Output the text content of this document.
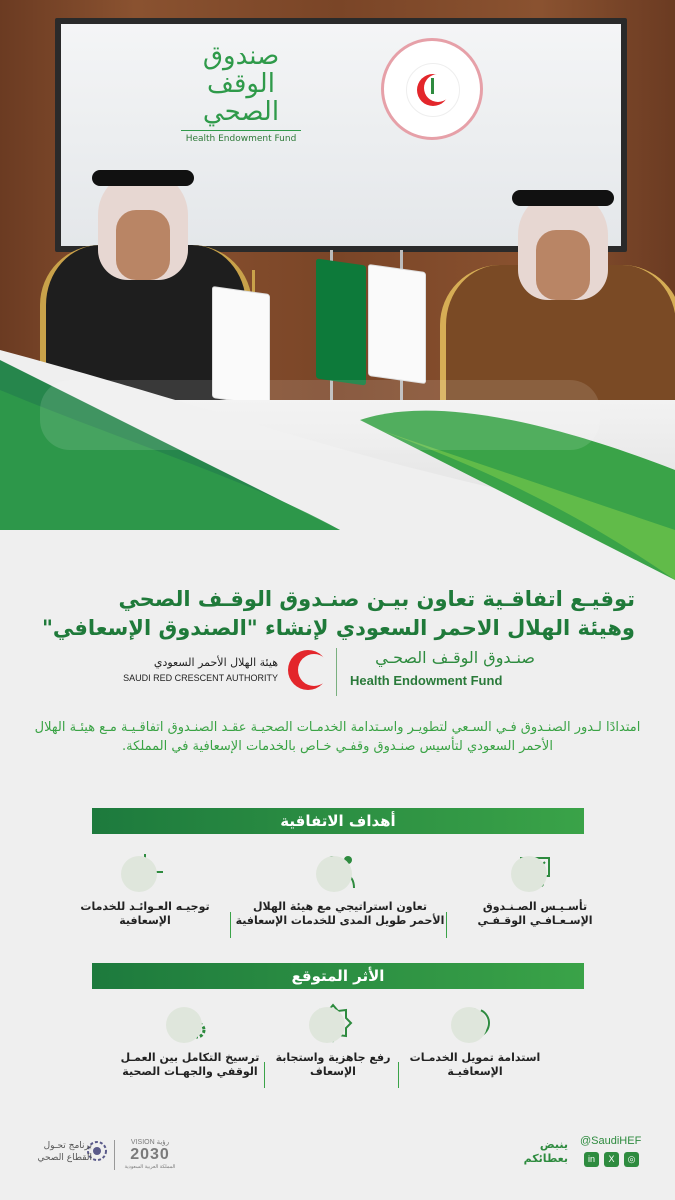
صندوق الوقف الصحي
Health Endowment Fund
توقيـع اتفاقـية تعاون بيـن صنـدوق الوقـف الصحي
وهيئة الهلال الاحمر السعودي لإنشاء "الصندوق الإسعافي"
صنـدوق الوقـف الصحـي
Health Endowment Fund
هيئة الهلال الأحمر السعودي
SAUDI RED CRESCENT AUTHORITY
امتدادًا لـدور الصنـدوق فـي السـعي لتطويـر واسـتدامة الخدمـات الصحيـة عقـد الصنـدوق اتفاقـيـة مـع هيئـة الهلال الأحمر السعودي لتأسيس صنـدوق وقفـي خـاص بالخدمات الإسعافية في المملكة.
أهداف الاتفاقية
تأسـيـس الصـنـدوق الإسـعـافـي الوقـفـي
تعاون استراتيجي مع هيئة الهلال الأحمر طويل المدى للخدمات الإسعافية
توجيـه العـوائـد للخدمات الإسعافية
الأثر المتوقع
استدامة تمويل الخدمـات الإسعافيـة
رفع جاهزية واستجابة الإسعاف
ترسيخ التكامل بين العمـل الوقفي والجهـات الصحية
@SaudiHEF
in	X	◎
ينبض
بعطائكم
VISION رؤية
2030
المملكة العربية السعودية
برنامج تحـول
القطاع الصحي
